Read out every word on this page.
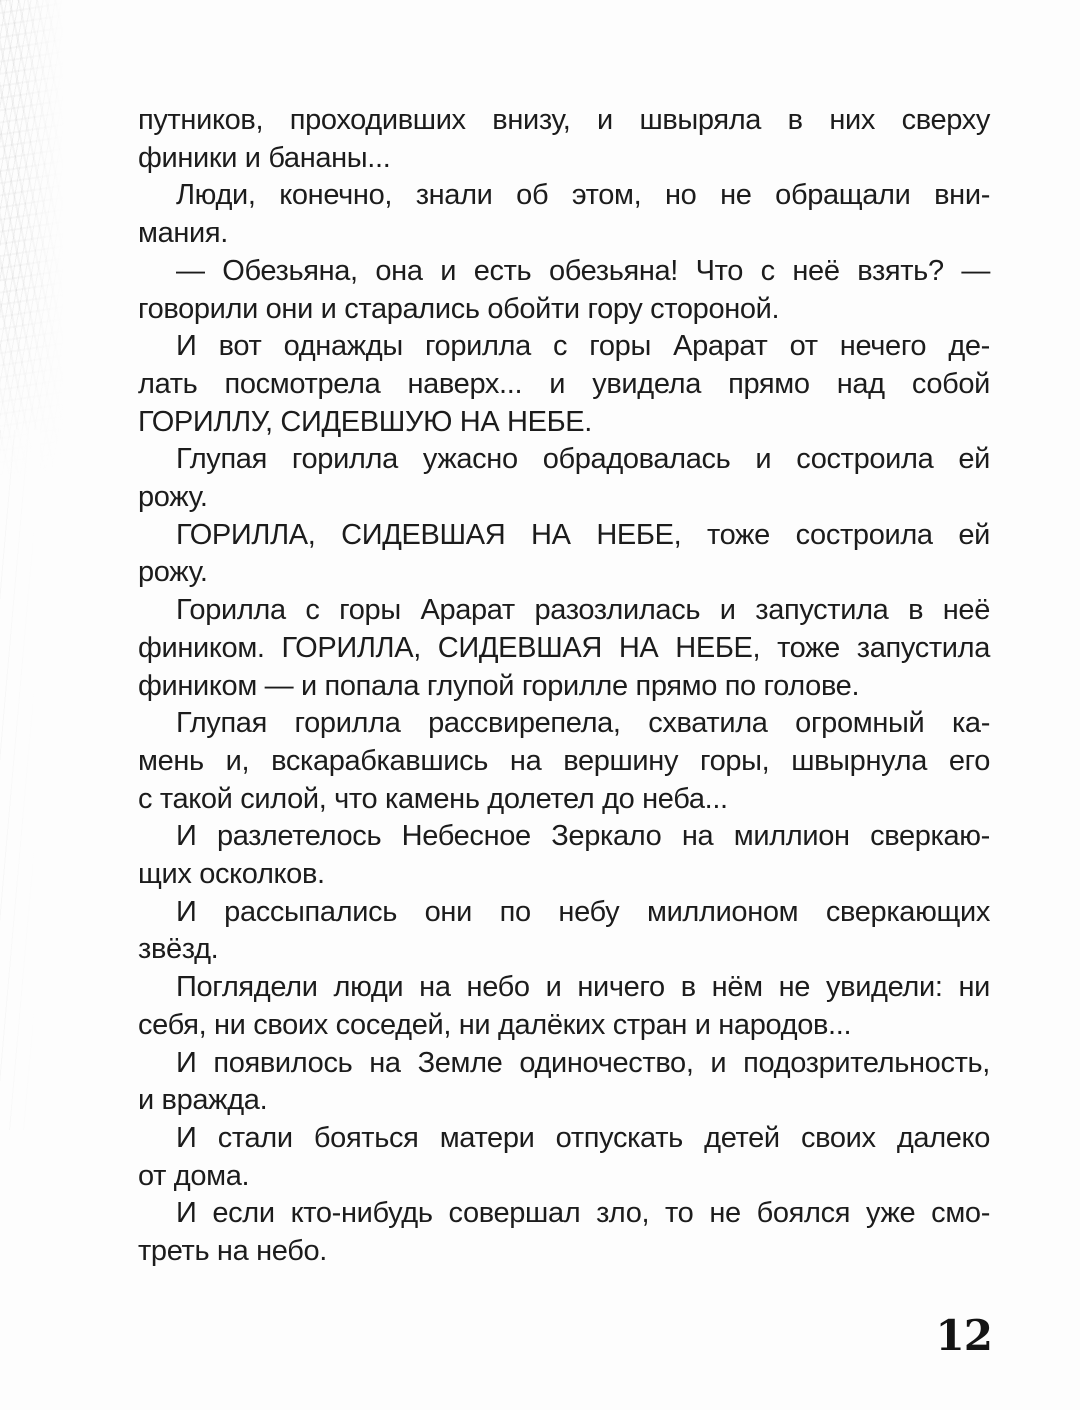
путников, проходивших внизу, и швыряла в них сверху
финики и бананы...
Люди, конечно, знали об этом, но не обращали вни-
мания.
— Обезьяна, она и есть обезьяна! Что с неё взять? —
говорили они и старались обойти гору стороной.
И вот однажды горилла с горы Арарат от нечего де-
лать посмотрела наверх... и увидела прямо над собой
ГОРИЛЛУ, СИДЕВШУЮ НА НЕБЕ.
Глупая горилла ужасно обрадовалась и состроила ей
рожу.
ГОРИЛЛА, СИДЕВШАЯ НА НЕБЕ, тоже состроила ей
рожу.
Горилла с горы Арарат разозлилась и запустила в неё
фиником. ГОРИЛЛА, СИДЕВШАЯ НА НЕБЕ, тоже запустила
фиником — и попала глупой горилле прямо по голове.
Глупая горилла рассвирепела, схватила огромный ка-
мень и, вскарабкавшись на вершину горы, швырнула его
с такой силой, что камень долетел до неба...
И разлетелось Небесное Зеркало на миллион сверкаю-
щих осколков.
И рассыпались они по небу миллионом сверкающих
звёзд.
Поглядели люди на небо и ничего в нём не увидели: ни
себя, ни своих соседей, ни далёких стран и народов...
И появилось на Земле одиночество, и подозрительность,
и вражда.
И стали бояться матери отпускать детей своих далеко
от дома.
И если кто-нибудь совершал зло, то не боялся уже смо-
треть на небо.
12
